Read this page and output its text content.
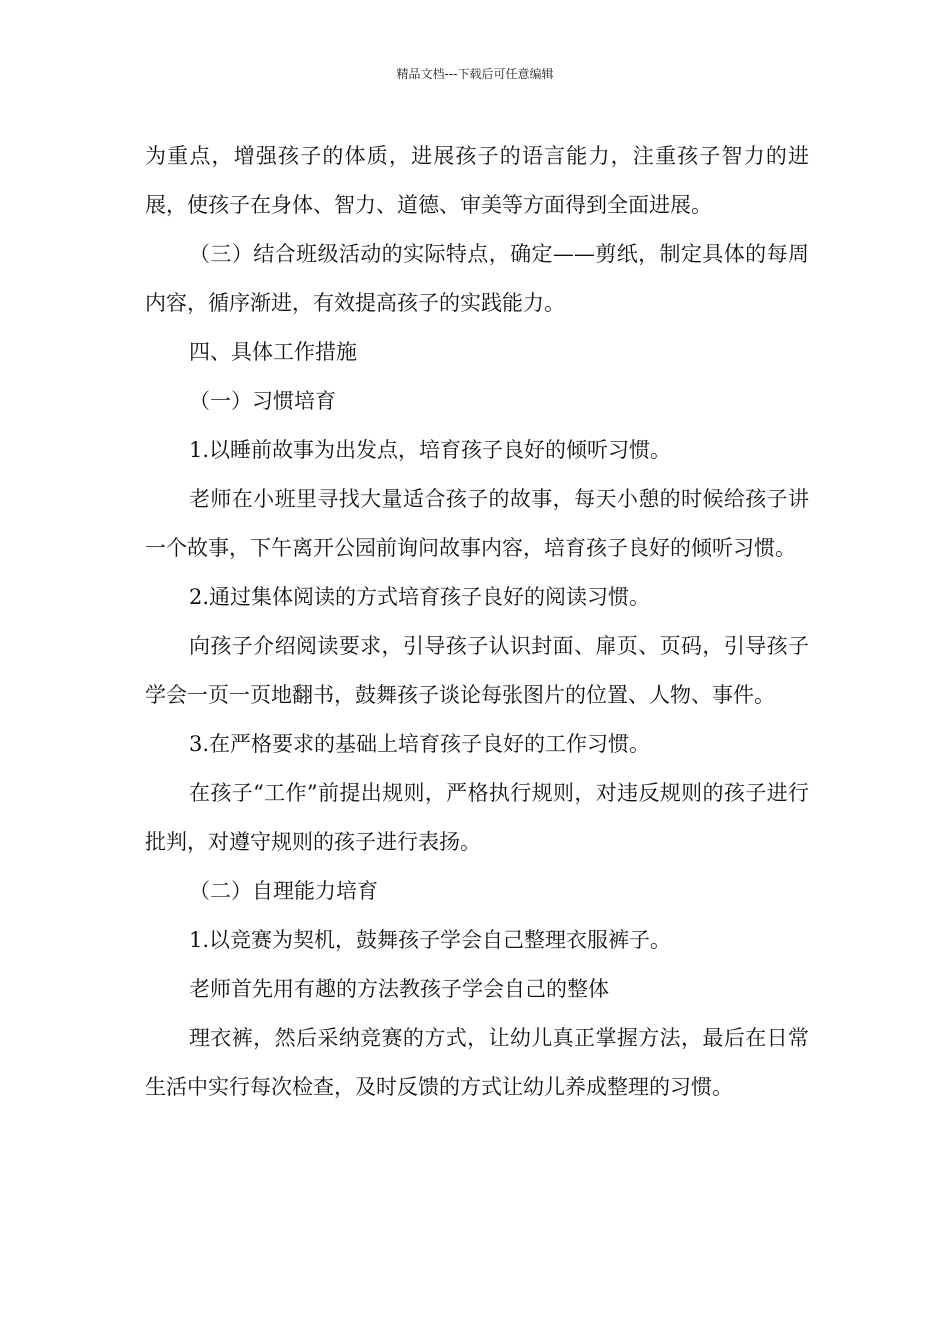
精品文档---下载后可任意编辑

为重点，增强孩子的体质，进展孩子的语言能力，注重孩子智力的进展，使孩子在身体、智力、道德、审美等方面得到全面进展。

（三）结合班级活动的实际特点，确定——剪纸，制定具体的每周内容，循序渐进，有效提高孩子的实践能力。

四、具体工作措施

（一）习惯培育

1.以睡前故事为出发点，培育孩子良好的倾听习惯。

老师在小班里寻找大量适合孩子的故事，每天小憩的时候给孩子讲一个故事，下午离开公园前询问故事内容，培育孩子良好的倾听习惯。

2.通过集体阅读的方式培育孩子良好的阅读习惯。

向孩子介绍阅读要求，引导孩子认识封面、扉页、页码，引导孩子学会一页一页地翻书，鼓舞孩子谈论每张图片的位置、人物、事件。

3.在严格要求的基础上培育孩子良好的工作习惯。

在孩子“工作”前提出规则，严格执行规则，对违反规则的孩子进行批判，对遵守规则的孩子进行表扬。

（二）自理能力培育

1.以竞赛为契机，鼓舞孩子学会自己整理衣服裤子。

老师首先用有趣的方法教孩子学会自己的整体

理衣裤，然后采纳竞赛的方式，让幼儿真正掌握方法，最后在日常生活中实行每次检查，及时反馈的方式让幼儿养成整理的习惯。
